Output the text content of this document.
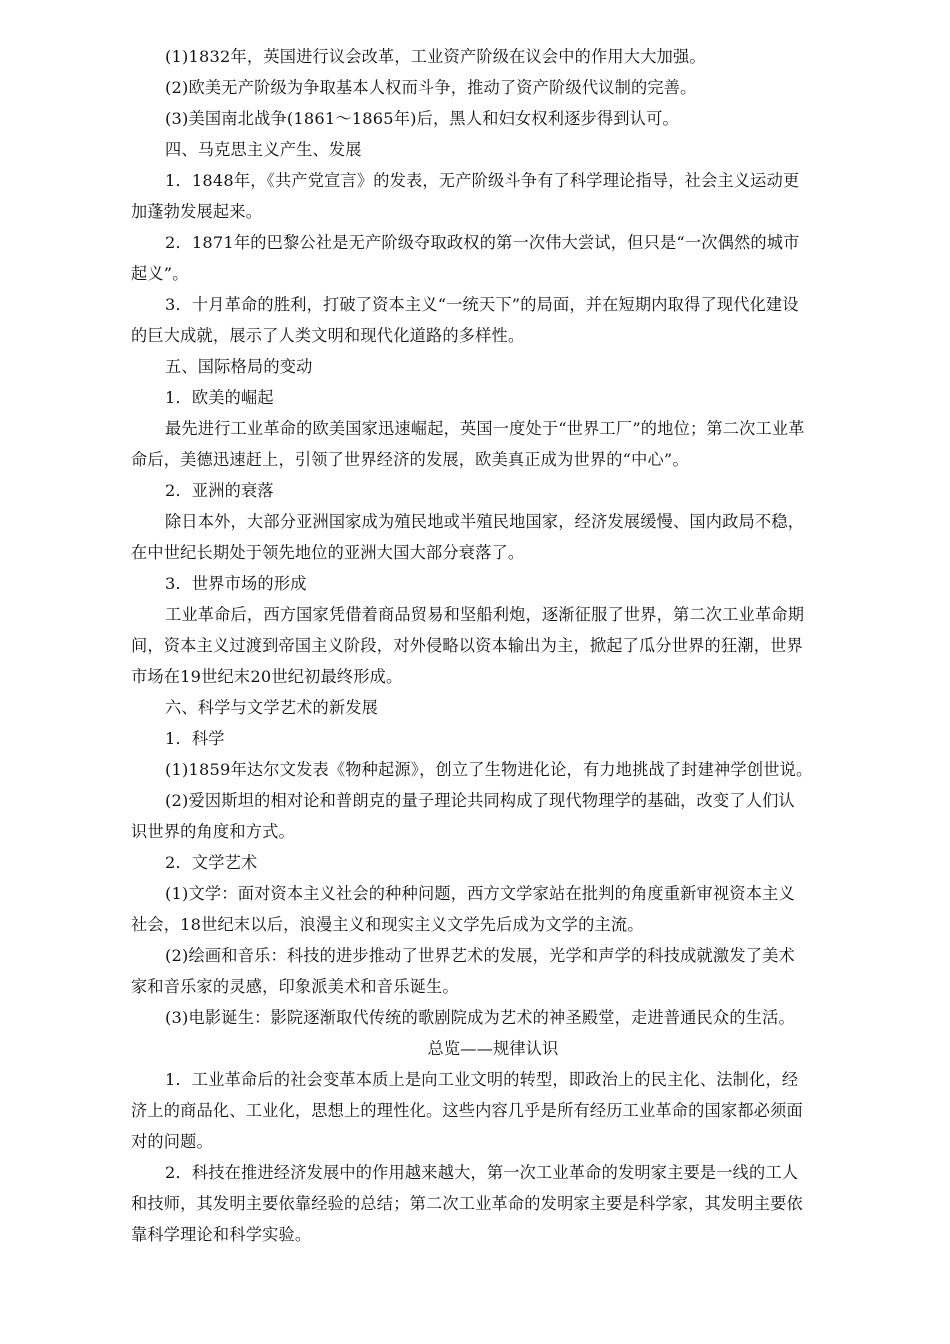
(1)1832年，英国进行议会改革，工业资产阶级在议会中的作用大大加强。
(2)欧美无产阶级为争取基本人权而斗争，推动了资产阶级代议制的完善。
(3)美国南北战争(1861～1865年)后，黑人和妇女权利逐步得到认可。
四、马克思主义产生、发展
1．1848年，《共产党宣言》的发表，无产阶级斗争有了科学理论指导，社会主义运动更
加蓬勃发展起来。
2．1871年的巴黎公社是无产阶级夺取政权的第一次伟大尝试，但只是“一次偶然的城市
起义”。
3．十月革命的胜利，打破了资本主义“一统天下”的局面，并在短期内取得了现代化建设
的巨大成就，展示了人类文明和现代化道路的多样性。
五、国际格局的变动
1．欧美的崛起
最先进行工业革命的欧美国家迅速崛起，英国一度处于“世界工厂”的地位；第二次工业革
命后，美德迅速赶上，引领了世界经济的发展，欧美真正成为世界的“中心”。
2．亚洲的衰落
除日本外，大部分亚洲国家成为殖民地或半殖民地国家，经济发展缓慢、国内政局不稳，
在中世纪长期处于领先地位的亚洲大国大部分衰落了。
3．世界市场的形成
工业革命后，西方国家凭借着商品贸易和坚船利炮，逐渐征服了世界，第二次工业革命期
间，资本主义过渡到帝国主义阶段，对外侵略以资本输出为主，掀起了瓜分世界的狂潮，世界
市场在19世纪末20世纪初最终形成。
六、科学与文学艺术的新发展
1．科学
(1)1859年达尔文发表《物种起源》，创立了生物进化论，有力地挑战了封建神学创世说。
(2)爱因斯坦的相对论和普朗克的量子理论共同构成了现代物理学的基础，改变了人们认
识世界的角度和方式。
2．文学艺术
(1)文学：面对资本主义社会的种种问题，西方文学家站在批判的角度重新审视资本主义
社会，18世纪末以后，浪漫主义和现实主义文学先后成为文学的主流。
(2)绘画和音乐：科技的进步推动了世界艺术的发展，光学和声学的科技成就激发了美术
家和音乐家的灵感，印象派美术和音乐诞生。
(3)电影诞生：影院逐渐取代传统的歌剧院成为艺术的神圣殿堂，走进普通民众的生活。
总览——规律认识
1．工业革命后的社会变革本质上是向工业文明的转型，即政治上的民主化、法制化，经
济上的商品化、工业化，思想上的理性化。这些内容几乎是所有经历工业革命的国家都必须面
对的问题。
2．科技在推进经济发展中的作用越来越大，第一次工业革命的发明家主要是一线的工人
和技师，其发明主要依靠经验的总结；第二次工业革命的发明家主要是科学家，其发明主要依
靠科学理论和科学实验。
